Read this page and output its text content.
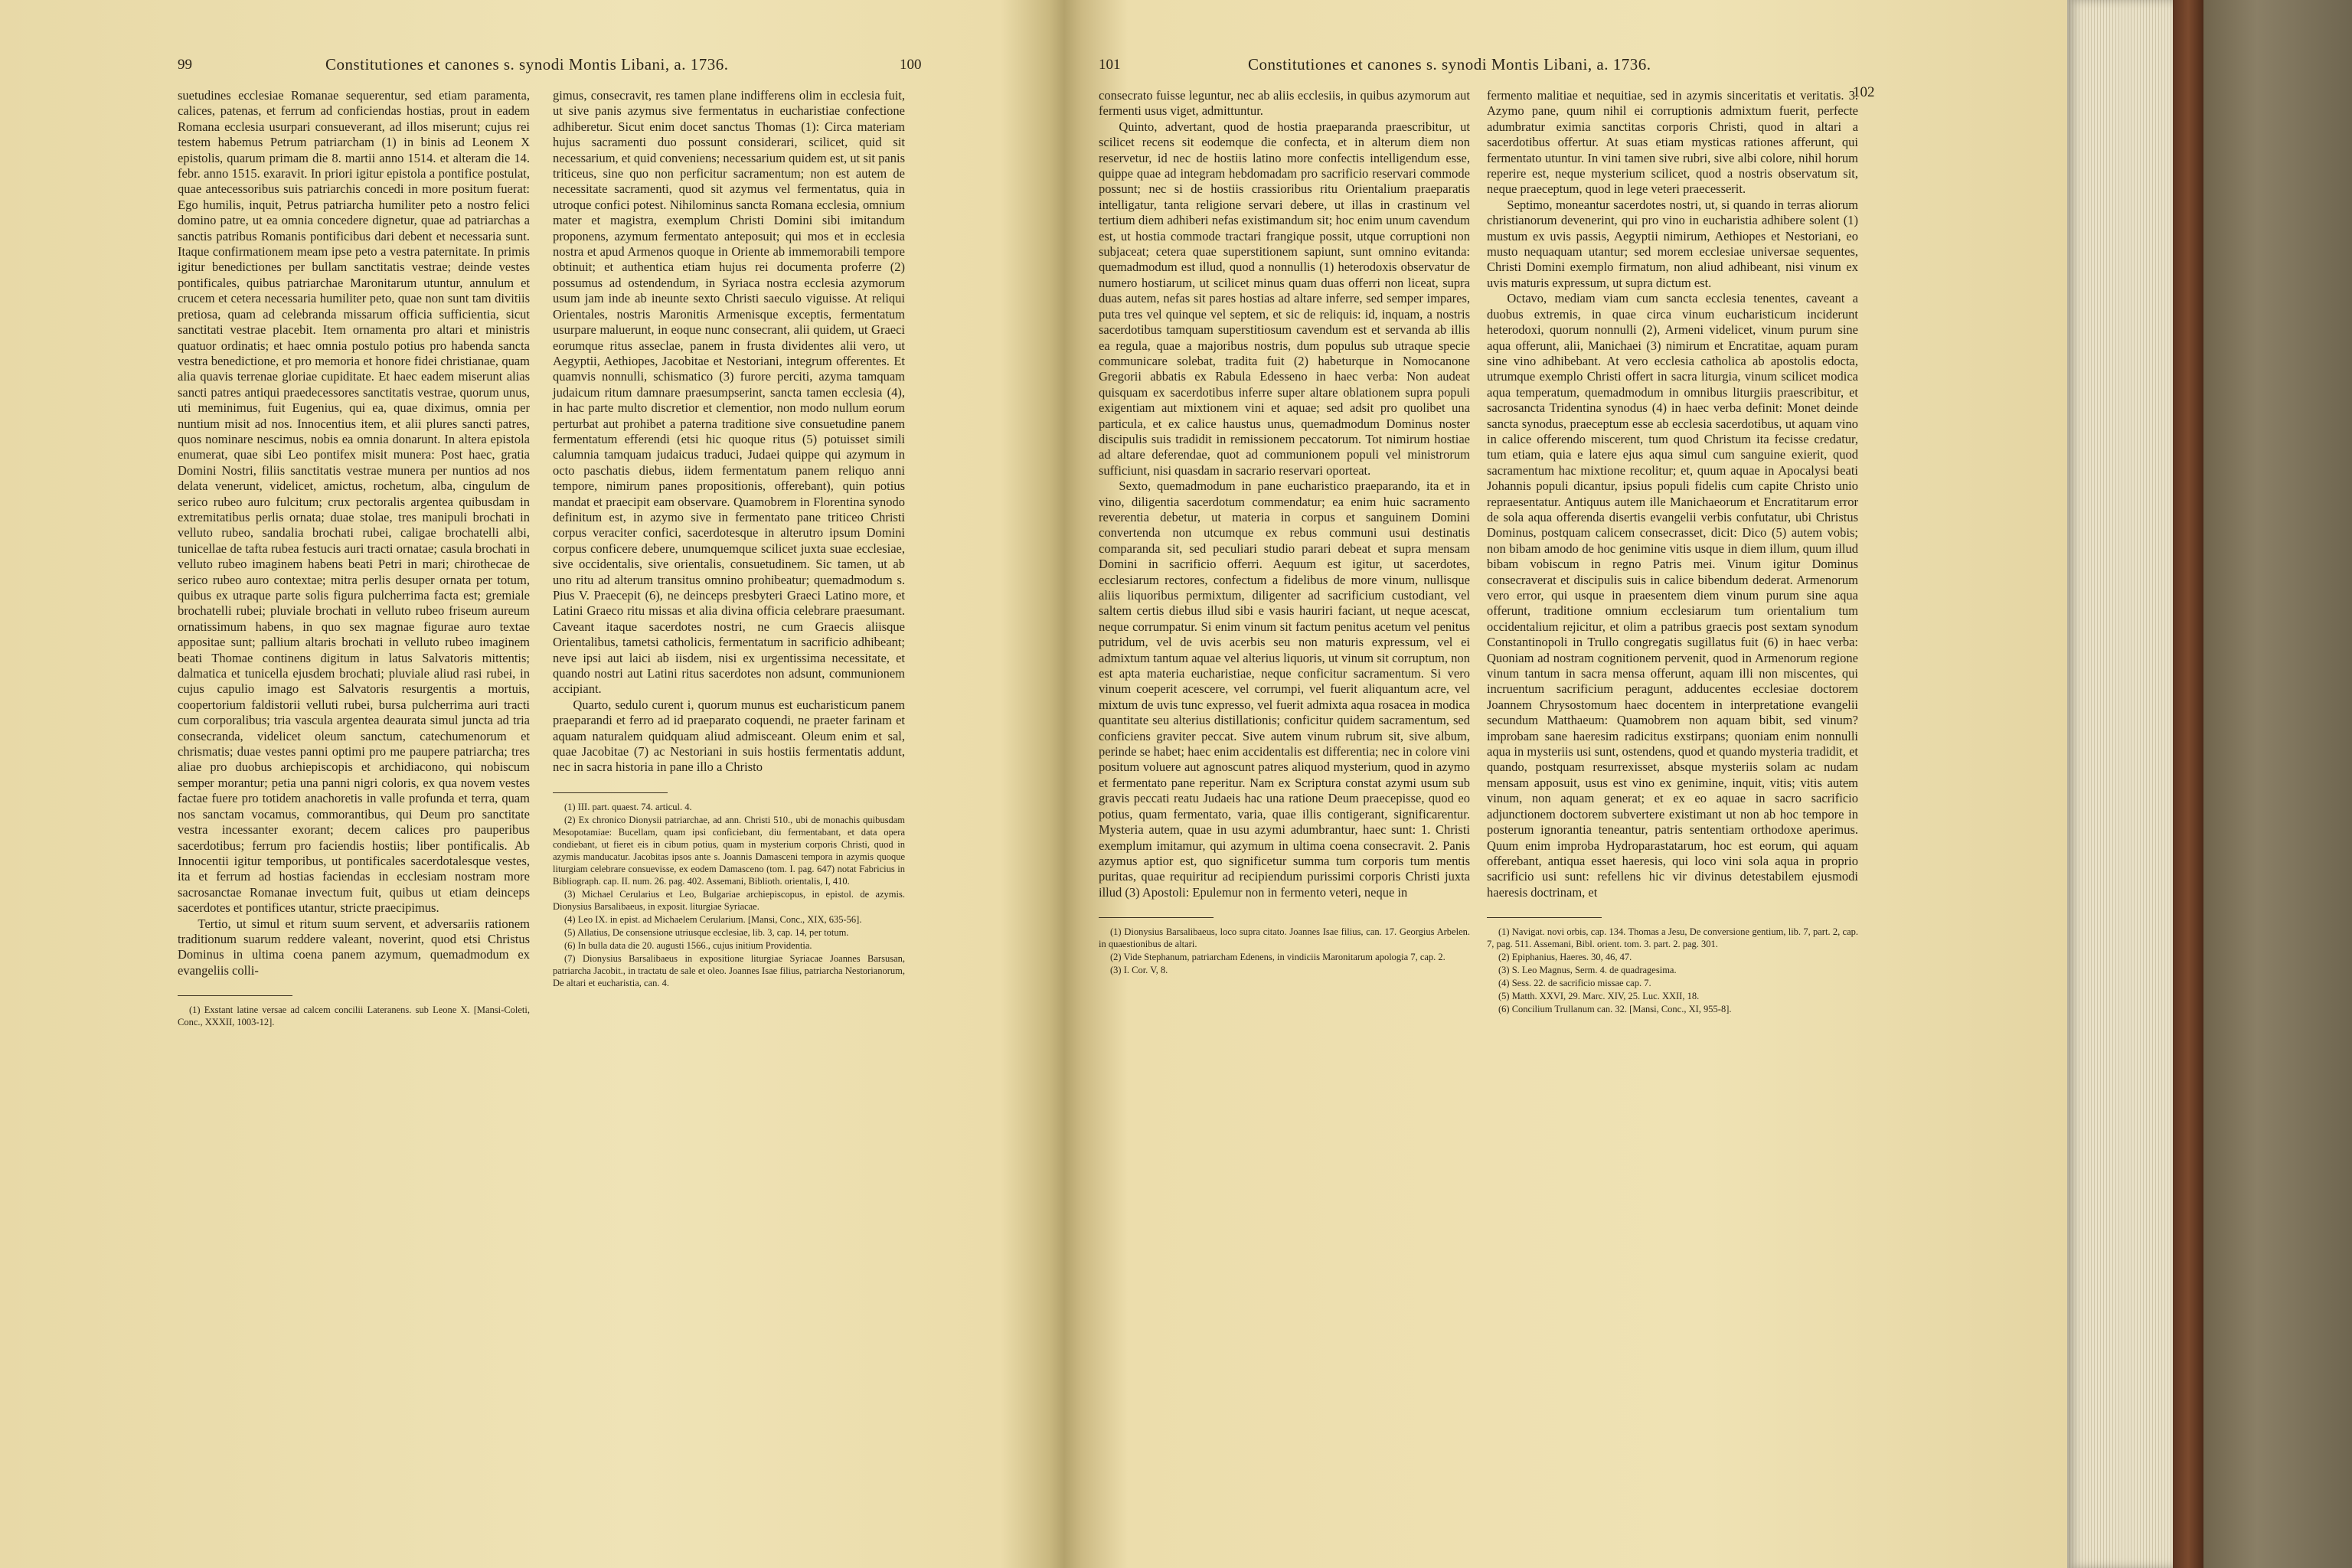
99	Constitutiones et canones s. synodi Montis Libani, a. 1736.	100

suetudines ecclesiae Romanae sequerentur, sed etiam paramenta, calices, patenas, et ferrum ad conficiendas hostias, prout in eadem Romana ecclesia usurpari consueverant, ad illos miserunt; cujus rei testem habemus Petrum patriarcham (1) in binis ad Leonem X epistolis, quarum primam die 8. martii anno 1514. et alteram die 14. febr. anno 1515. exaravit. In priori igitur epistola a pontifice postulat, quae antecessoribus suis patriarchis concedi in more positum fuerat: Ego humilis, inquit, Petrus patriarcha humiliter peto a nostro felici domino patre, ut ea omnia concedere dignetur, quae ad patriarchas a sanctis patribus Romanis pontificibus dari debent et necessaria sunt. Itaque confirmationem meam ipse peto a vestra paternitate. In primis igitur benedictiones per bullam sanctitatis vestrae; deinde vestes pontificales, quibus patriarchae Maronitarum utuntur, annulum et crucem et cetera necessaria humiliter peto, quae non sunt tam divitiis pretiosa, quam ad celebranda missarum officia sufficientia, sicut sanctitati vestrae placebit. Item ornamenta pro altari et ministris quatuor ordinatis; et haec omnia postulo potius pro habenda sancta vestra benedictione, et pro memoria et honore fidei christianae, quam alia quavis terrenae gloriae cupiditate. Et haec eadem miserunt alias sancti patres antiqui praedecessores sanctitatis vestrae, quorum unus, uti meminimus, fuit Eugenius, qui ea, quae diximus, omnia per nuntium misit ad nos. Innocentius item, et alii plures sancti patres, quos nominare nescimus, nobis ea omnia donarunt. In altera epistola enumerat, quae sibi Leo pontifex misit munera: Post haec, gratia Domini Nostri, filiis sanctitatis vestrae munera per nuntios ad nos delata venerunt, videlicet, amictus, rochetum, alba, cingulum de serico rubeo auro fulcitum; crux pectoralis argentea quibusdam in extremitatibus perlis ornata; duae stolae, tres manipuli brochati in velluto rubeo, sandalia brochati rubei, caligae brochatelli albi, tunicellae de tafta rubea festucis auri tracti ornatae; casula brochati in velluto rubeo imaginem habens beati Petri in mari; chirothecae de serico rubeo auro contextae; mitra perlis desuper ornata per totum, quibus ex utraque parte solis figura pulcherrima facta est; gremiale brochatelli rubei; pluviale brochati in velluto rubeo friseum aureum ornatissimum habens, in quo sex magnae figurae auro textae appositae sunt; pallium altaris brochati in velluto rubeo imaginem beati Thomae continens digitum in latus Salvatoris mittentis; dalmatica et tunicella ejusdem brochati; pluviale aliud rasi rubei, in cujus capulio imago est Salvatoris resurgentis a mortuis, coopertorium faldistorii velluti rubei, bursa pulcherrima auri tracti cum corporalibus; tria vascula argentea deaurata simul juncta ad tria consecranda, videlicet oleum sanctum, catechumenorum et chrismatis; duae vestes panni optimi pro me paupere patriarcha; tres aliae pro duobus archiepiscopis et archidiacono, qui nobiscum semper morantur; petia una panni nigri coloris, ex qua novem vestes factae fuere pro totidem anachoretis in valle profunda et terra, quam nos sanctam vocamus, commorantibus, qui Deum pro sanctitate vestra incessanter exorant; decem calices pro pauperibus sacerdotibus; ferrum pro faciendis hostiis; liber pontificalis. Ab Innocentii igitur temporibus, ut pontificales sacerdotalesque vestes, ita et ferrum ad hostias faciendas in ecclesiam nostram more sacrosanctae Romanae invectum fuit, quibus ut etiam deinceps sacerdotes et pontifices utantur, stricte praecipimus.

Tertio, ut simul et ritum suum servent, et adversariis rationem traditionum suarum reddere valeant, noverint, quod etsi Christus Dominus in ultima coena panem azymum, quemadmodum ex evangeliis colli-

(1) Exstant latine versae ad calcem concilii Lateranens. sub Leone X. [Mansi-Coleti, Conc., XXXII, 1003-12].

gimus, consecravit, res tamen plane indifferens olim in ecclesia fuit, ut sive panis azymus sive fermentatus in eucharistiae confectione adhiberetur. Sicut enim docet sanctus Thomas (1): Circa materiam hujus sacramenti duo possunt considerari, scilicet, quid sit necessarium, et quid conveniens; necessarium quidem est, ut sit panis triticeus, sine quo non perficitur sacramentum; non est autem de necessitate sacramenti, quod sit azymus vel fermentatus, quia in utroque confici potest. Nihilominus sancta Romana ecclesia, omnium mater et magistra, exemplum Christi Domini sibi imitandum proponens, azymum fermentato anteposuit; qui mos et in ecclesia nostra et apud Armenos quoque in Oriente ab immemorabili tempore obtinuit; et authentica etiam hujus rei documenta proferre (2) possumus ad ostendendum, in Syriaca nostra ecclesia azymorum usum jam inde ab ineunte sexto Christi saeculo viguisse. At reliqui Orientales, nostris Maronitis Armenisque exceptis, fermentatum usurpare maluerunt, in eoque nunc consecrant, alii quidem, ut Graeci eorumque ritus asseclae, panem in frusta dividentes alii vero, ut Aegyptii, Aethiopes, Jacobitae et Nestoriani, integrum offerentes. Et quamvis nonnulli, schismatico (3) furore perciti, azyma tamquam judaicum ritum damnare praesumpserint, sancta tamen ecclesia (4), in hac parte multo discretior et clementior, non modo nullum eorum perturbat aut prohibet a paterna traditione sive consuetudine panem fermentatum efferendi (etsi hic quoque ritus (5) potuisset simili calumnia tamquam judaicus traduci, Judaei quippe qui azymum in octo paschatis diebus, iidem fermentatum panem reliquo anni tempore, nimirum panes propositionis, offerebant), quin potius mandat et praecipit eam observare. Quamobrem in Florentina synodo definitum est, in azymo sive in fermentato pane triticeo Christi corpus veraciter confici, sacerdotesque in alterutro ipsum Domini corpus conficere debere, unumquemque scilicet juxta suae ecclesiae, sive occidentalis, sive orientalis, consuetudinem. Sic tamen, ut ab uno ritu ad alterum transitus omnino prohibeatur; quemadmodum s. Pius V. Praecepit (6), ne deinceps presbyteri Graeci Latino more, et Latini Graeco ritu missas et alia divina officia celebrare praesumant. Caveant itaque sacerdotes nostri, ne cum Graecis aliisque Orientalibus, tametsi catholicis, fermentatum in sacrificio adhibeant; neve ipsi aut laici ab iisdem, nisi ex urgentissima necessitate, et quando nostri aut Latini ritus sacerdotes non adsunt, communionem accipiant.

Quarto, sedulo curent i, quorum munus est eucharisticum panem praeparandi et ferro ad id praeparato coquendi, ne praeter farinam et aquam naturalem quidquam aliud admisceant. Oleum enim et sal, quae Jacobitae (7) ac Nestoriani in suis hostiis fermentatis addunt, nec in sacra historia in pane illo a Christo

(1) III. part. quaest. 74. articul. 4.

(2) Ex chronico Dionysii patriarchae, ad ann. Christi 510., ubi de monachis quibusdam Mesopotamiae: Bucellam, quam ipsi conficiebant, diu fermentabant, et data opera condiebant, ut fieret eis in cibum potius, quam in mysterium corporis Christi, quod in azymis manducatur. Jacobitas ipsos ante s. Joannis Damasceni tempora in azymis quoque liturgiam celebrare consuevisse, ex eodem Damasceno (tom. I. pag. 647) notat Fabricius in Bibliograph. cap. II. num. 26. pag. 402. Assemani, Biblioth. orientalis, I, 410.

(3) Michael Cerularius et Leo, Bulgariae archiepiscopus, in epistol. de azymis. Dionysius Barsalibaeus, in exposit. liturgiae Syriacae.

(4) Leo IX. in epist. ad Michaelem Cerularium. [Mansi, Conc., XIX, 635-56].

(5) Allatius, De consensione utriusque ecclesiae, lib. 3, cap. 14, per totum.

(6) In bulla data die 20. augusti 1566., cujus initium Providentia.

(7) Dionysius Barsalibaeus in expositione liturgiae Syriacae Joannes Barsusan, patriarcha Jacobit., in tractatu de sale et oleo. Joannes Isae filius, patriarcha Nestorianorum, De altari et eucharistia, can. 4.

101	Constitutiones et canones s. synodi Montis Libani, a. 1736.
102

consecrato fuisse leguntur, nec ab aliis ecclesiis, in quibus azymorum aut fermenti usus viget, admittuntur.

Quinto, advertant, quod de hostia praeparanda praescribitur, ut scilicet recens sit eodemque die confecta, et in alterum diem non reservetur, id nec de hostiis latino more confectis intelligendum esse, quippe quae ad integram hebdomadam pro sacrificio reservari commode possunt; nec si de hostiis crassioribus ritu Orientalium praeparatis intelligatur, tanta religione servari debere, ut illas in crastinum vel tertium diem adhiberi nefas existimandum sit; hoc enim unum cavendum est, ut hostia commode tractari frangique possit, utque corruptioni non subjaceat; cetera quae superstitionem sapiunt, sunt omnino evitanda: quemadmodum est illud, quod a nonnullis (1) heterodoxis observatur de numero hostiarum, ut scilicet minus quam duas offerri non liceat, supra duas autem, nefas sit pares hostias ad altare inferre, sed semper impares, puta tres vel quinque vel septem, et sic de reliquis: id, inquam, a nostris sacerdotibus tamquam superstitiosum cavendum est et servanda ab illis ea regula, quae a majoribus nostris, dum populus sub utraque specie communicare solebat, tradita fuit (2) habeturque in Nomocanone Gregorii abbatis ex Rabula Edesseno in haec verba: Non audeat quisquam ex sacerdotibus inferre super altare oblationem supra populi exigentiam aut mixtionem vini et aquae; sed adsit pro quolibet una particula, et ex calice haustus unus, quemadmodum Dominus noster discipulis suis tradidit in remissionem peccatorum. Tot nimirum hostiae ad altare deferendae, quot ad communionem populi vel ministrorum sufficiunt, nisi quasdam in sacrario reservari oporteat.

Sexto, quemadmodum in pane eucharistico praeparando, ita et in vino, diligentia sacerdotum commendatur; ea enim huic sacramento reverentia debetur, ut materia in corpus et sanguinem Domini convertenda non utcumque ex rebus communi usui destinatis comparanda sit, sed peculiari studio parari debeat et supra mensam Domini in sacrificio offerri. Aequum est igitur, ut sacerdotes, ecclesiarum rectores, confectum a fidelibus de more vinum, nullisque aliis liquoribus permixtum, diligenter ad sacrificium custodiant, vel saltem certis diebus illud sibi e vasis hauriri faciant, ut neque acescat, neque corrumpatur. Si enim vinum sit factum penitus acetum vel penitus putridum, vel de uvis acerbis seu non maturis expressum, vel ei admixtum tantum aquae vel alterius liquoris, ut vinum sit corruptum, non est apta materia eucharistiae, neque conficitur sacramentum. Si vero vinum coeperit acescere, vel corrumpi, vel fuerit aliquantum acre, vel mixtum de uvis tunc expresso, vel fuerit admixta aqua rosacea in modica quantitate seu alterius distillationis; conficitur quidem sacramentum, sed conficiens graviter peccat. Sive autem vinum rubrum sit, sive album, perinde se habet; haec enim accidentalis est differentia; nec in colore vini positum voluere aut agnoscunt patres aliquod mysterium, quod in azymo et fermentato pane reperitur. Nam ex Scriptura constat azymi usum sub gravis peccati reatu Judaeis hac una ratione Deum praecepisse, quod eo potius, quam fermentato, varia, quae illis contigerant, significarentur. Mysteria autem, quae in usu azymi adumbrantur, haec sunt: 1. Christi exemplum imitamur, qui azymum in ultima coena consecravit. 2. Panis azymus aptior est, quo significetur summa tum corporis tum mentis puritas, quae requiritur ad recipiendum purissimi corporis Christi juxta illud (3) Apostoli: Epulemur non in fermento veteri, neque in

(1) Dionysius Barsalibaeus, loco supra citato. Joannes Isae filius, can. 17. Georgius Arbelen. in quaestionibus de altari.

(2) Vide Stephanum, patriarcham Edenens, in vindiciis Maronitarum apologia 7, cap. 2.

(3) I. Cor. V, 8.

fermento malitiae et nequitiae, sed in azymis sinceritatis et veritatis. 3. Azymo pane, quum nihil ei corruptionis admixtum fuerit, perfecte adumbratur eximia sanctitas corporis Christi, quod in altari a sacerdotibus offertur. At suas etiam mysticas rationes afferunt, qui fermentato utuntur. In vini tamen sive rubri, sive albi colore, nihil horum reperire est, neque mysterium scilicet, quod a nostris observatum sit, neque praeceptum, quod in lege veteri praecesserit.

Septimo, moneantur sacerdotes nostri, ut, si quando in terras aliorum christianorum devenerint, qui pro vino in eucharistia adhibere solent (1) mustum ex uvis passis, Aegyptii nimirum, Aethiopes et Nestoriani, eo musto nequaquam utantur; sed morem ecclesiae universae sequentes, Christi Domini exemplo firmatum, non aliud adhibeant, nisi vinum ex uvis maturis expressum, ut supra dictum est.

Octavo, mediam viam cum sancta ecclesia tenentes, caveant a duobus extremis, in quae circa vinum eucharisticum inciderunt heterodoxi, quorum nonnulli (2), Armeni videlicet, vinum purum sine aqua offerunt, alii, Manichaei (3) nimirum et Encratitae, aquam puram sine vino adhibebant. At vero ecclesia catholica ab apostolis edocta, utrumque exemplo Christi offert in sacra liturgia, vinum scilicet modica aqua temperatum, quemadmodum in omnibus liturgiis praescribitur, et sacrosancta Tridentina synodus (4) in haec verba definit: Monet deinde sancta synodus, praeceptum esse ab ecclesia sacerdotibus, ut aquam vino in calice offerendo miscerent, tum quod Christum ita fecisse credatur, tum etiam, quia e latere ejus aqua simul cum sanguine exierit, quod sacramentum hac mixtione recolitur; et, quum aquae in Apocalysi beati Johannis populi dicantur, ipsius populi fidelis cum capite Christo unio repraesentatur. Antiquus autem ille Manichaeorum et Encratitarum error de sola aqua offerenda disertis evangelii verbis confutatur, ubi Christus Dominus, postquam calicem consecrasset, dicit: Dico (5) autem vobis; non bibam amodo de hoc genimine vitis usque in diem illum, quum illud bibam vobiscum in regno Patris mei. Vinum igitur Dominus consecraverat et discipulis suis in calice bibendum dederat. Armenorum vero error, qui usque in praesentem diem vinum purum sine aqua offerunt, traditione omnium ecclesiarum tum orientalium tum occidentalium rejicitur, et olim a patribus graecis post sextam synodum Constantinopoli in Trullo congregatis sugillatus fuit (6) in haec verba: Quoniam ad nostram cognitionem pervenit, quod in Armenorum regione vinum tantum in sacra mensa offerunt, aquam illi non miscentes, qui incruentum sacrificium peragunt, adducentes ecclesiae doctorem Joannem Chrysostomum haec docentem in interpretatione evangelii secundum Matthaeum: Quamobrem non aquam bibit, sed vinum? improbam sane haeresim radicitus exstirpans; quoniam enim nonnulli aqua in mysteriis usi sunt, ostendens, quod et quando mysteria tradidit, et quando, postquam resurrexisset, absque mysteriis solam ac nudam mensam apposuit, usus est vino ex genimine, inquit, vitis; vitis autem vinum, non aquam generat; et ex eo aquae in sacro sacrificio adjunctionem doctorem subvertere existimant ut non ab hoc tempore in posterum ignorantia teneantur, patris sententiam orthodoxe aperimus. Quum enim improba Hydroparastatarum, hoc est eorum, qui aquam offerebant, antiqua esset haeresis, qui loco vini sola aqua in proprio sacrificio usi sunt: refellens hic vir divinus detestabilem ejusmodi haeresis doctrinam, et

(1) Navigat. novi orbis, cap. 134. Thomas a Jesu, De conversione gentium, lib. 7, part. 2, cap. 7, pag. 511. Assemani, Bibl. orient. tom. 3. part. 2. pag. 301.

(2) Epiphanius, Haeres. 30, 46, 47.

(3) S. Leo Magnus, Serm. 4. de quadragesima.

(4) Sess. 22. de sacrificio missae cap. 7.

(5) Matth. XXVI, 29. Marc. XIV, 25. Luc. XXII, 18.

(6) Concilium Trullanum can. 32. [Mansi, Conc., XI, 955-8].
